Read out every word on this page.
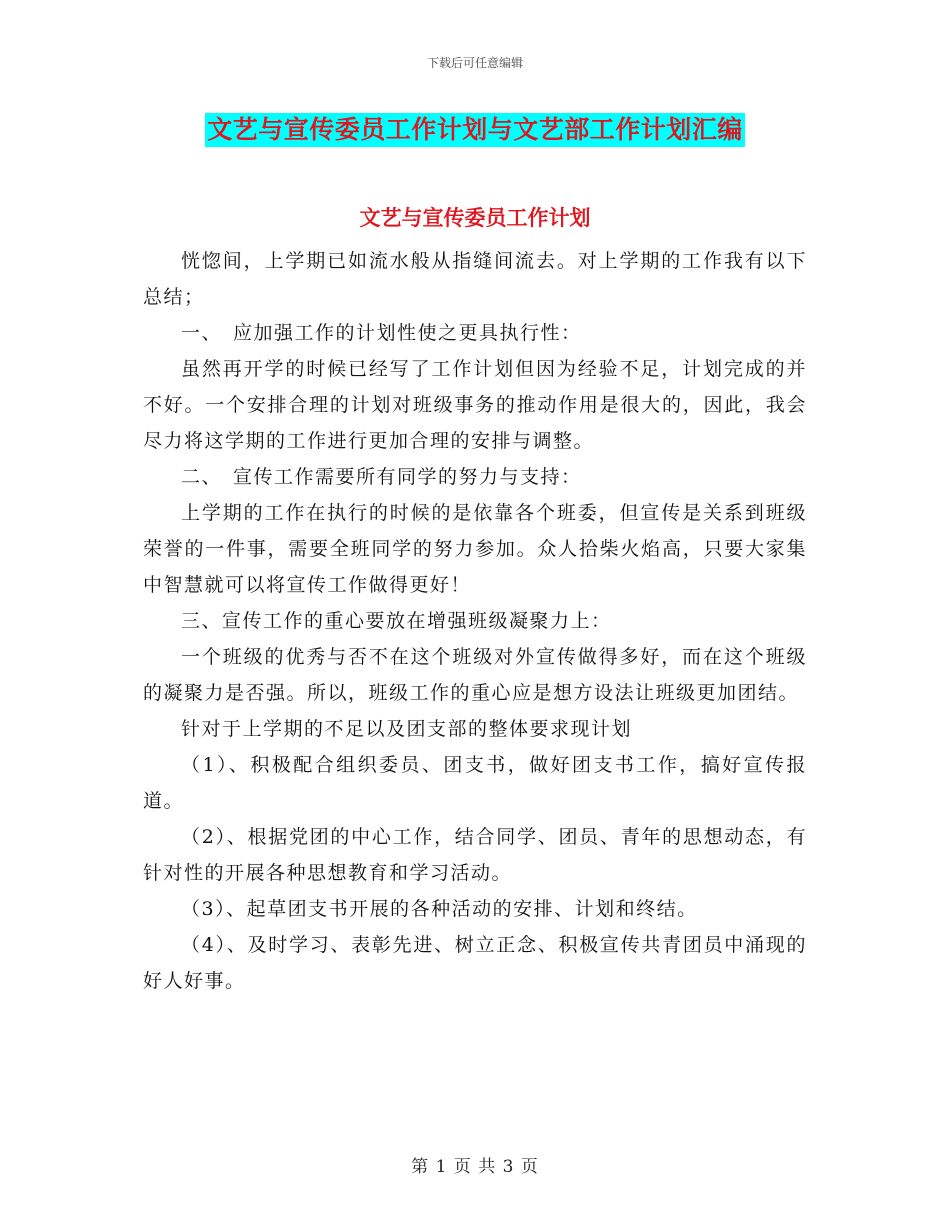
下载后可任意编辑
文艺与宣传委员工作计划与文艺部工作计划汇编
文艺与宣传委员工作计划

恍惚间，上学期已如流水般从指缝间流去。对上学期的工作我有以下总结；

一、　应加强工作的计划性使之更具执行性：

虽然再开学的时候已经写了工作计划但因为经验不足，计划完成的并不好。一个安排合理的计划对班级事务的推动作用是很大的，因此，我会尽力将这学期的工作进行更加合理的安排与调整。

二、　宣传工作需要所有同学的努力与支持：

上学期的工作在执行的时候的是依靠各个班委，但宣传是关系到班级荣誉的一件事，需要全班同学的努力参加。众人拾柴火焰高，只要大家集中智慧就可以将宣传工作做得更好！

三、宣传工作的重心要放在增强班级凝聚力上：

一个班级的优秀与否不在这个班级对外宣传做得多好，而在这个班级的凝聚力是否强。所以，班级工作的重心应是想方设法让班级更加团结。

针对于上学期的不足以及团支部的整体要求现计划

（1）、积极配合组织委员、团支书，做好团支书工作，搞好宣传报道。

（2）、根据党团的中心工作，结合同学、团员、青年的思想动态，有针对性的开展各种思想教育和学习活动。

（3）、起草团支书开展的各种活动的安排、计划和终结。

（4）、及时学习、表彰先进、树立正念、积极宣传共青团员中涌现的好人好事。

第 1 页 共 3 页
